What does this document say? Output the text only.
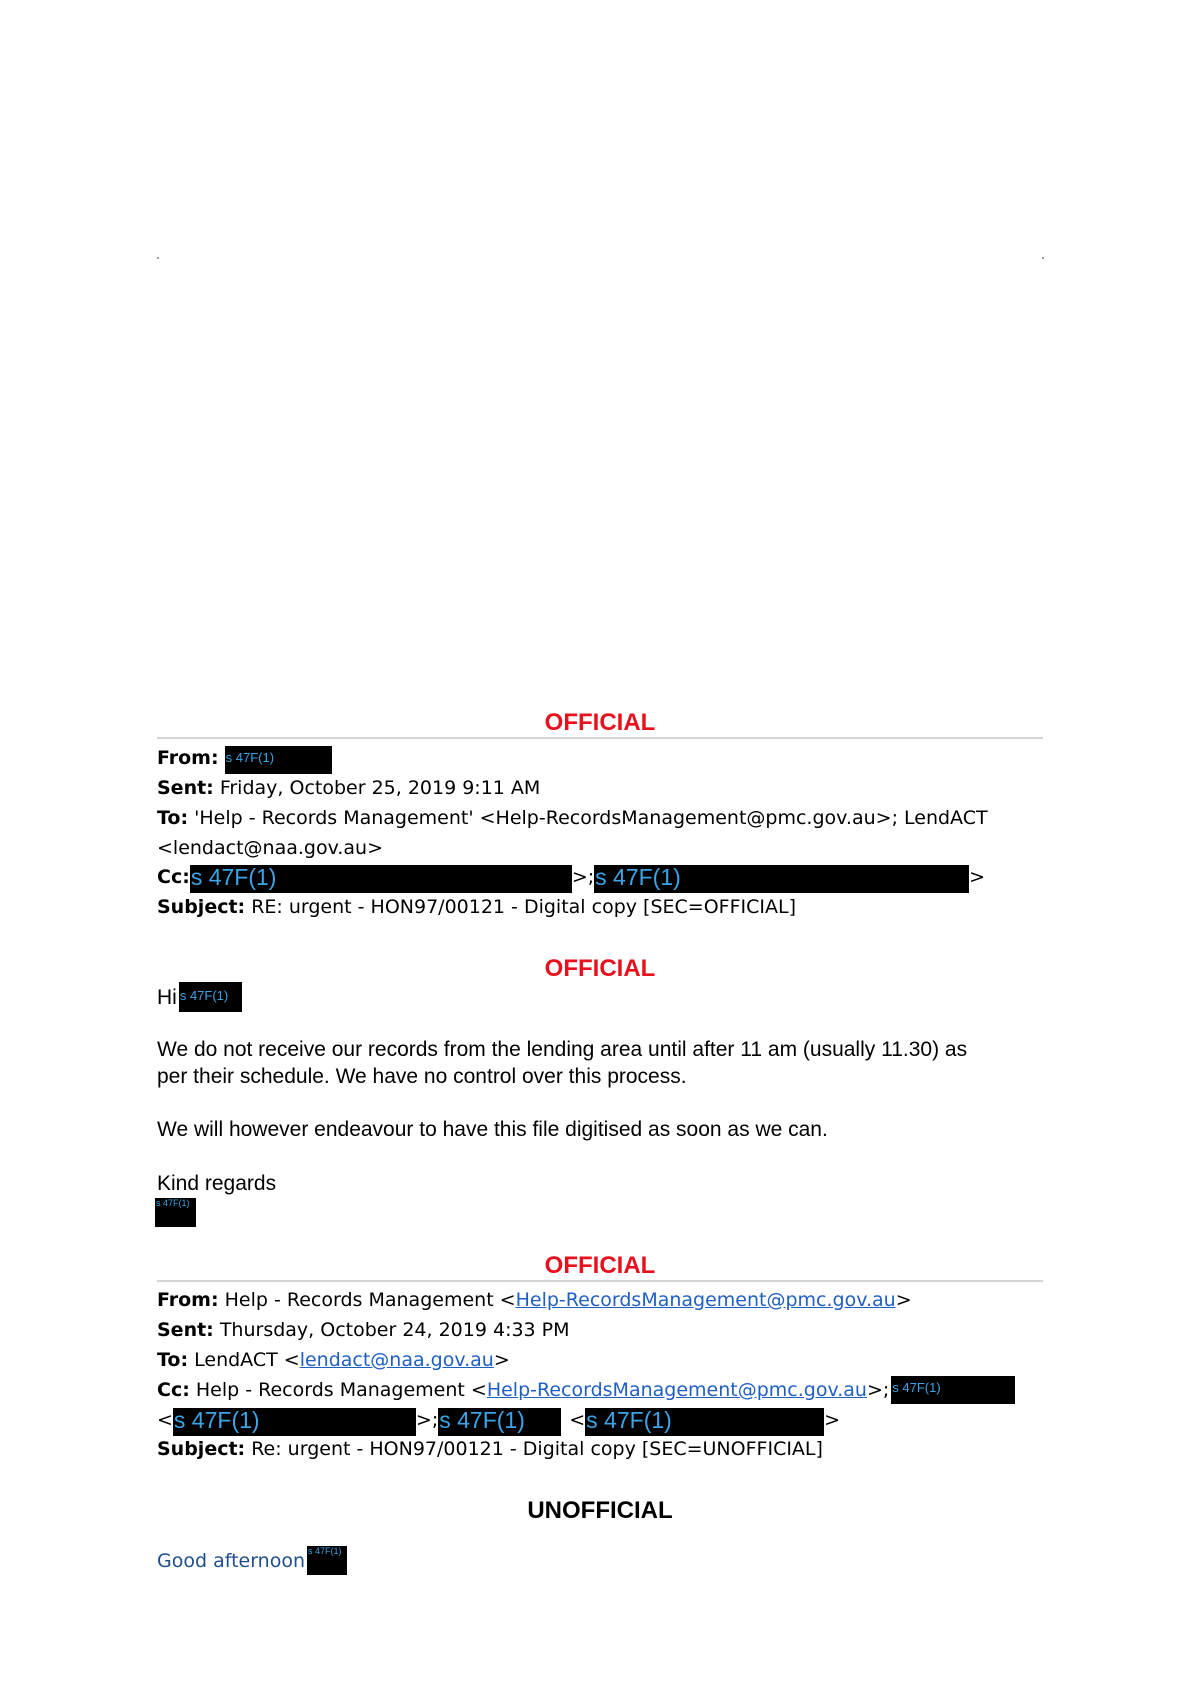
OFFICIAL
From: s 47F(1)
Sent: Friday, October 25, 2019 9:11 AM
To: 'Help - Records Management' <Help-RecordsManagement@pmc.gov.au>; LendACT
<lendact@naa.gov.au>
Cc: s 47F(1)	>; s 47F(1)	>
Subject: RE: urgent - HON97/00121 - Digital copy [SEC=OFFICIAL]
OFFICIAL
Hi s 47F(1)
We do not receive our records from the lending area until after 11 am (usually 11.30) as
per their schedule. We have no control over this process.
We will however endeavour to have this file digitised as soon as we can.
Kind regards
s 47F(1)
OFFICIAL
From: Help - Records Management <Help-RecordsManagement@pmc.gov.au>
Sent: Thursday, October 24, 2019 4:33 PM
To: LendACT <lendact@naa.gov.au>
Cc: Help - Records Management <Help-RecordsManagement@pmc.gov.au>; s 47F(1)
< s 47F(1)	>; s 47F(1) < s 47F(1)	>
Subject: Re: urgent - HON97/00121 - Digital copy [SEC=UNOFFICIAL]
UNOFFICIAL
Good afternoon s 47F(1)
